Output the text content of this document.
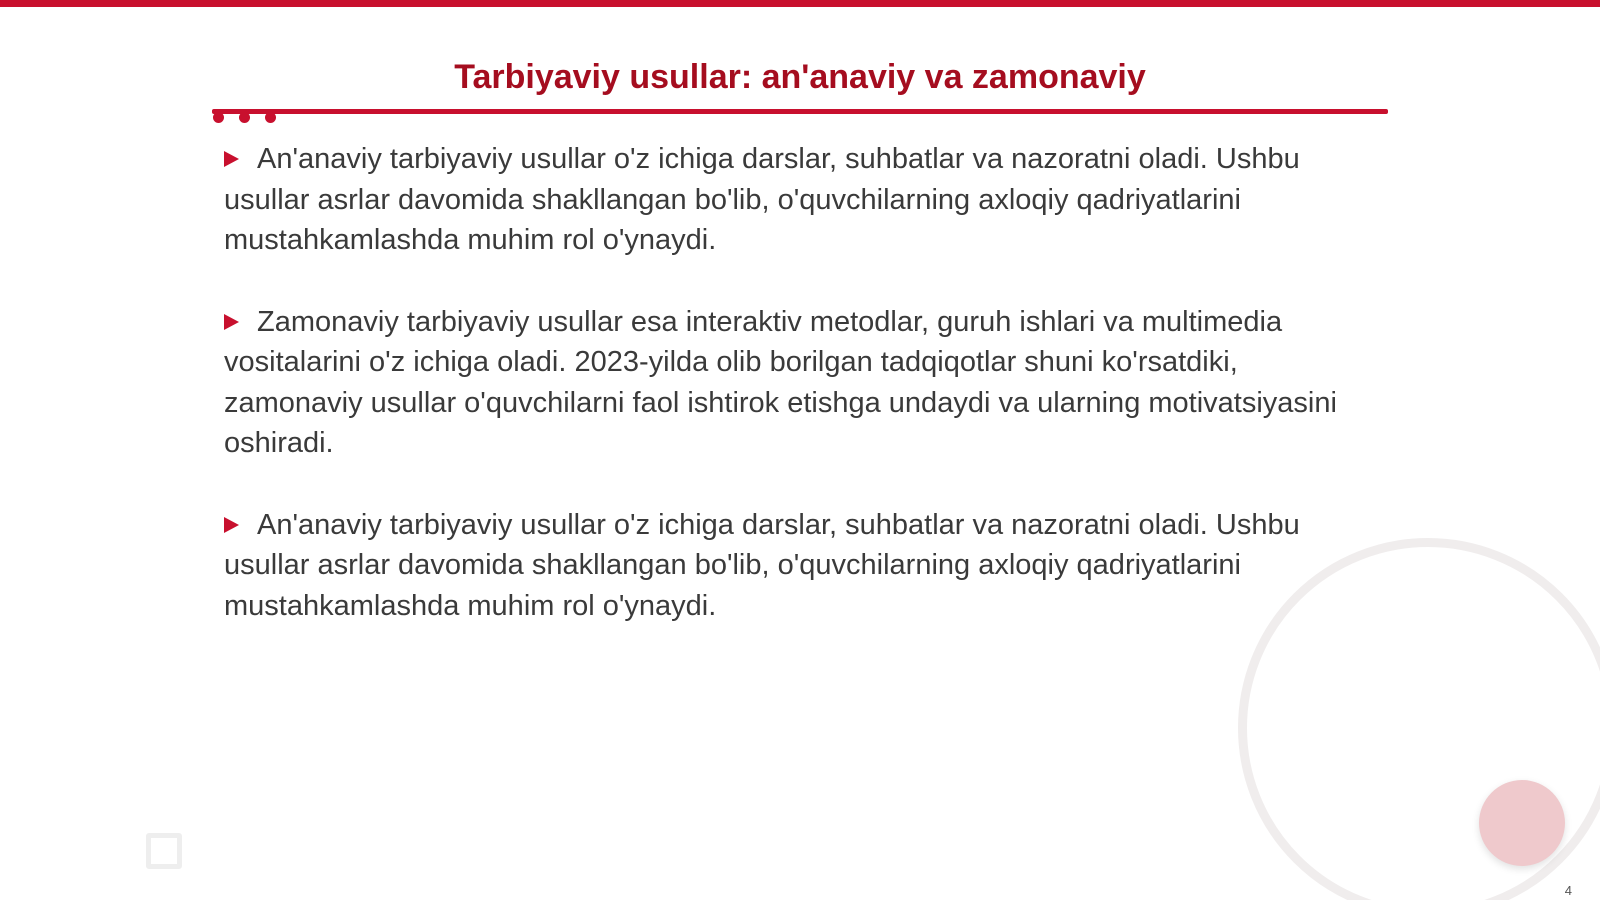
Tarbiyaviy usullar: an'anaviy va zamonaviy

An'anaviy tarbiyaviy usullar o'z ichiga darslar, suhbatlar va nazoratni oladi. Ushbu usullar asrlar davomida shakllangan bo'lib, o'quvchilarning axloqiy qadriyatlarini mustahkamlashda muhim rol o'ynaydi.

Zamonaviy tarbiyaviy usullar esa interaktiv metodlar, guruh ishlari va multimedia vositalarini o'z ichiga oladi. 2023-yilda olib borilgan tadqiqotlar shuni ko'rsatdiki, zamonaviy usullar o'quvchilarni faol ishtirok etishga undaydi va ularning motivatsiyasini oshiradi.

An'anaviy tarbiyaviy usullar o'z ichiga darslar, suhbatlar va nazoratni oladi. Ushbu usullar asrlar davomida shakllangan bo'lib, o'quvchilarning axloqiy qadriyatlarini mustahkamlashda muhim rol o'ynaydi.

4
